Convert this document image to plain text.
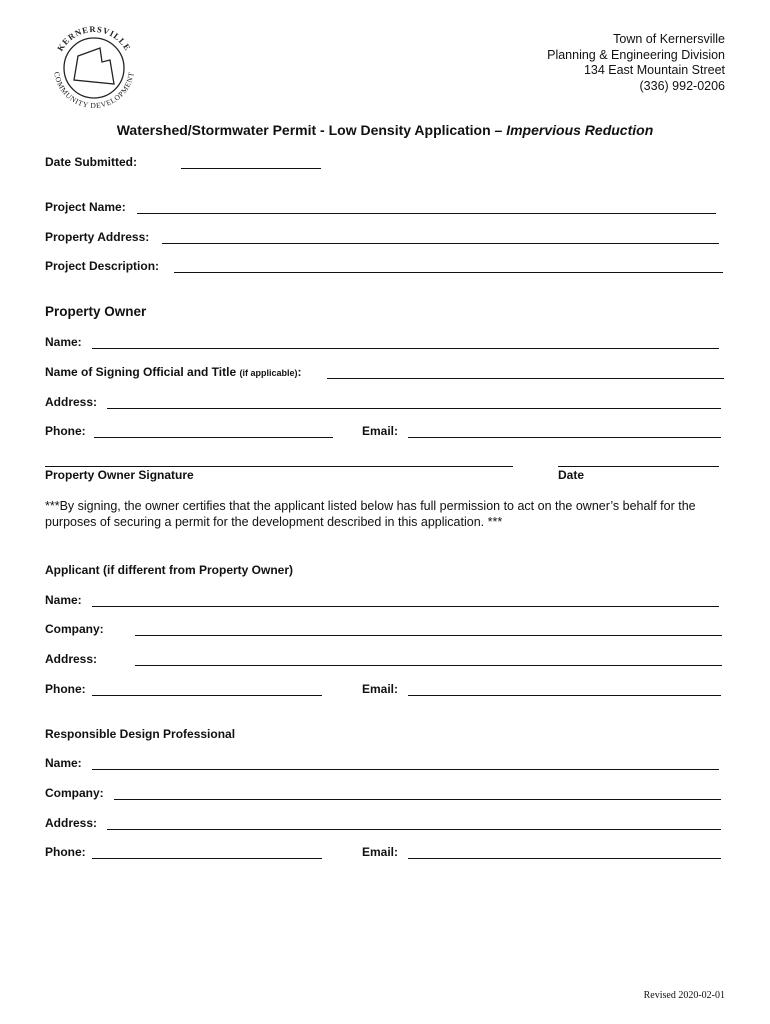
KERNERSVILLE
COMMUNITY DEVELOPMENT
Town of Kernersville
Planning & Engineering Division
134 East Mountain Street
(336) 992-0206
Watershed/Stormwater Permit - Low Density Application – Impervious Reduction
Date Submitted:
Project Name:
Property Address:
Project Description:
Property Owner
Name:
Name of Signing Official and Title (if applicable):
Address:
Phone:	Email:
Property Owner Signature	Date
***By signing, the owner certifies that the applicant listed below has full permission to act on the owner’s behalf for the purposes of securing a permit for the development described in this application. ***
Applicant (if different from Property Owner)
Name:
Company:
Address:
Phone:	Email:
Responsible Design Professional
Name:
Company:
Address:
Phone:	Email:
Revised 2020-02-01
